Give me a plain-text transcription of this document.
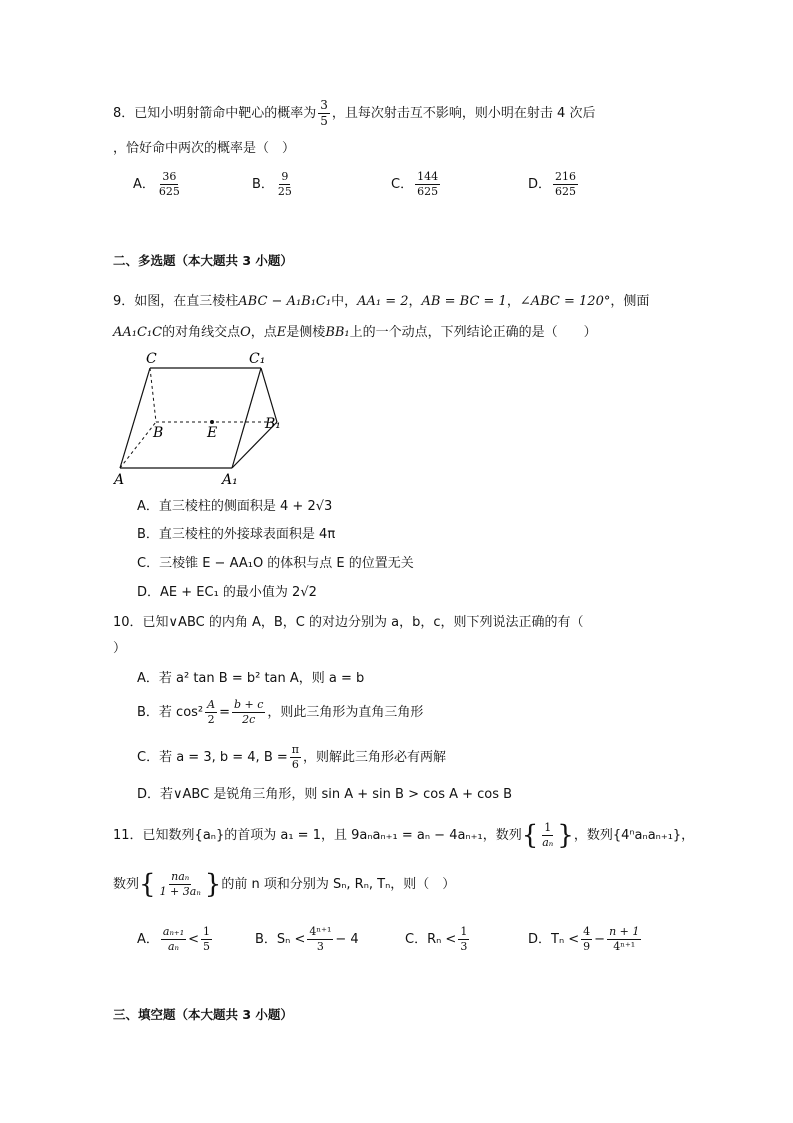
8．已知小明射箭命中靶心的概率为 $\frac{3}{5}$ ，且每次射击互不影响，则小明在射击 4 次后
，恰好命中两次的概率是（　）
A． $\frac{36}{625}$	B． $\frac{9}{25}$	C． $\frac{144}{625}$	D． $\frac{216}{625}$
二、多选题（本大题共 3 小题）
9．如图，在直三棱柱ABC − A₁B₁C₁中，AA₁ = 2，AB = BC = 1，∠ABC = 120°，侧面
AA₁C₁C的对角线交点O，点E是侧棱BB₁上的一个动点，下列结论正确的是（　　）
C	C₁
B	E
B₁
A	A₁
A．直三棱柱的侧面积是 4 + 2√3
B．直三棱柱的外接球表面积是 4π
C．三棱锥 E − AA₁O 的体积与点 E 的位置无关
D．AE + EC₁ 的最小值为 2√2
10．已知∨ABC 的内角 A，B，C 的对边分别为 a，b，c，则下列说法正确的有（
）
A．若 a² tan B = b² tan A，则 a = b
B．若 $\cos^2 \frac{A}{2} = \frac{b + c}{2c}$ ，则此三角形为直角三角形
C．若 a = 3, b = 4, $B = \frac{\pi}{6}$ ，则解此三角形必有两解
D．若∨ABC 是锐角三角形，则 sin A + sin B > cos A + cos B
11．已知数列{aₙ}的首项为 a₁ = 1，且 9aₙaₙ₊₁ = aₙ − 4aₙ₊₁，数列{ $\frac{1}{\text{aₙ}}$ }，数列{4ⁿaₙaₙ₊₁}，
数列{ $\frac{\text{naₙ}}{\text{1 + 3aₙ}}$ }的前 n 项和分别为 Sₙ, Rₙ, Tₙ，则（　）
A． $\frac{\text{aₙ₊₁}}{\text{aₙ}} < \frac{1}{5}$	B．$S_n < \frac{\text{4ⁿ⁺¹}}{3} - 4$	C．$R_n < \frac{1}{3}$	D．$T_n < \frac{4}{9} - \frac{n + 1}{\text{4ⁿ⁺¹}}$
三、填空题（本大题共 3 小题）
